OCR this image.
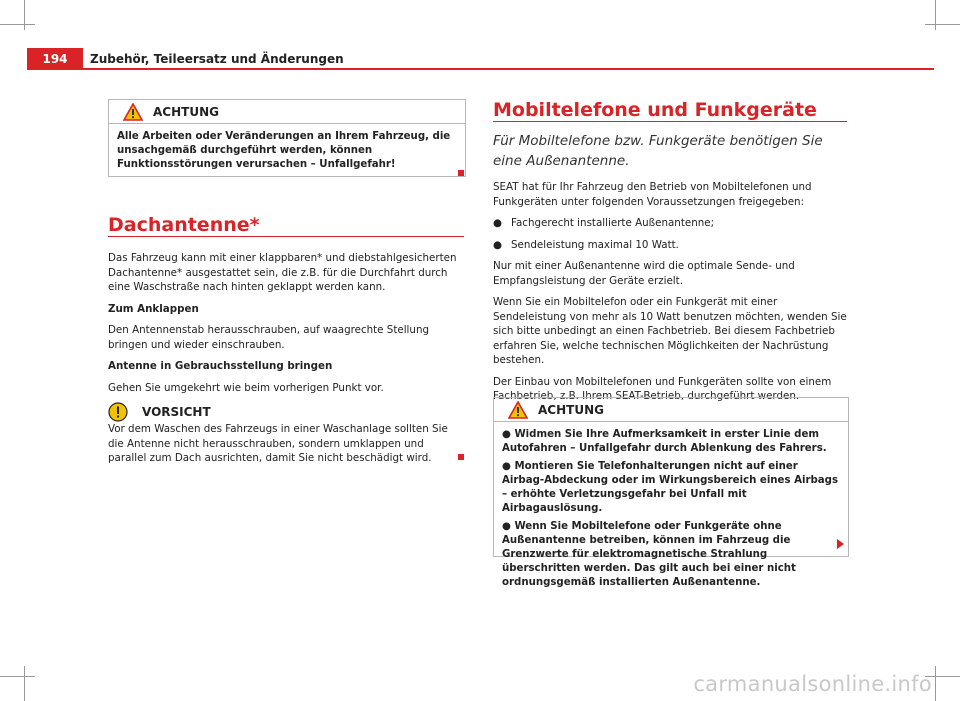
194	Zubehör, Teileersatz und Änderungen
ACHTUNG

Alle Arbeiten oder Veränderungen an Ihrem Fahrzeug, die unsachgemäß durchgeführt werden, können Funktionsstörungen verursachen – Unfallgefahr!

Dachantenne*

Das Fahrzeug kann mit einer klappbaren* und diebstahlgesicherten Dachantenne* ausgestattet sein, die z.B. für die Durchfahrt durch eine Waschstraße nach hinten geklappt werden kann.

Zum Anklappen

Den Antennenstab herausschrauben, auf waagrechte Stellung bringen und wieder einschrauben.

Antenne in Gebrauchsstellung bringen

Gehen Sie umgekehrt wie beim vorherigen Punkt vor.

VORSICHT

Vor dem Waschen des Fahrzeugs in einer Waschanlage sollten Sie die Antenne nicht herausschrauben, sondern umklappen und parallel zum Dach ausrichten, damit Sie nicht beschädigt wird.

Mobiltelefone und Funkgeräte
Für Mobiltelefone bzw. Funkgeräte benötigen Sie eine Außenantenne.

SEAT hat für Ihr Fahrzeug den Betrieb von Mobiltelefonen und Funkgeräten unter folgenden Voraussetzungen freigegeben:

● Fachgerecht installierte Außenantenne;
● Sendeleistung maximal 10 Watt.

Nur mit einer Außenantenne wird die optimale Sende- und Empfangsleistung der Geräte erzielt.

Wenn Sie ein Mobiltelefon oder ein Funkgerät mit einer Sendeleistung von mehr als 10 Watt benutzen möchten, wenden Sie sich bitte unbedingt an einen Fachbetrieb. Bei diesem Fachbetrieb erfahren Sie, welche technischen Möglichkeiten der Nachrüstung bestehen.

Der Einbau von Mobiltelefonen und Funkgeräten sollte von einem Fachbetrieb, z.B. Ihrem SEAT-Betrieb, durchgeführt werden.

ACHTUNG

● Widmen Sie Ihre Aufmerksamkeit in erster Linie dem Autofahren – Unfallgefahr durch Ablenkung des Fahrers.

● Montieren Sie Telefonhalterungen nicht auf einer Airbag-Abdeckung oder im Wirkungsbereich eines Airbags – erhöhte Verletzungsgefahr bei Unfall mit Airbagauslösung.

● Wenn Sie Mobiltelefone oder Funkgeräte ohne Außenantenne betreiben, können im Fahrzeug die Grenzwerte für elektromagnetische Strahlung überschritten werden. Das gilt auch bei einer nicht ordnungsgemäß installierten Außenantenne.

carmanualsonline.info
